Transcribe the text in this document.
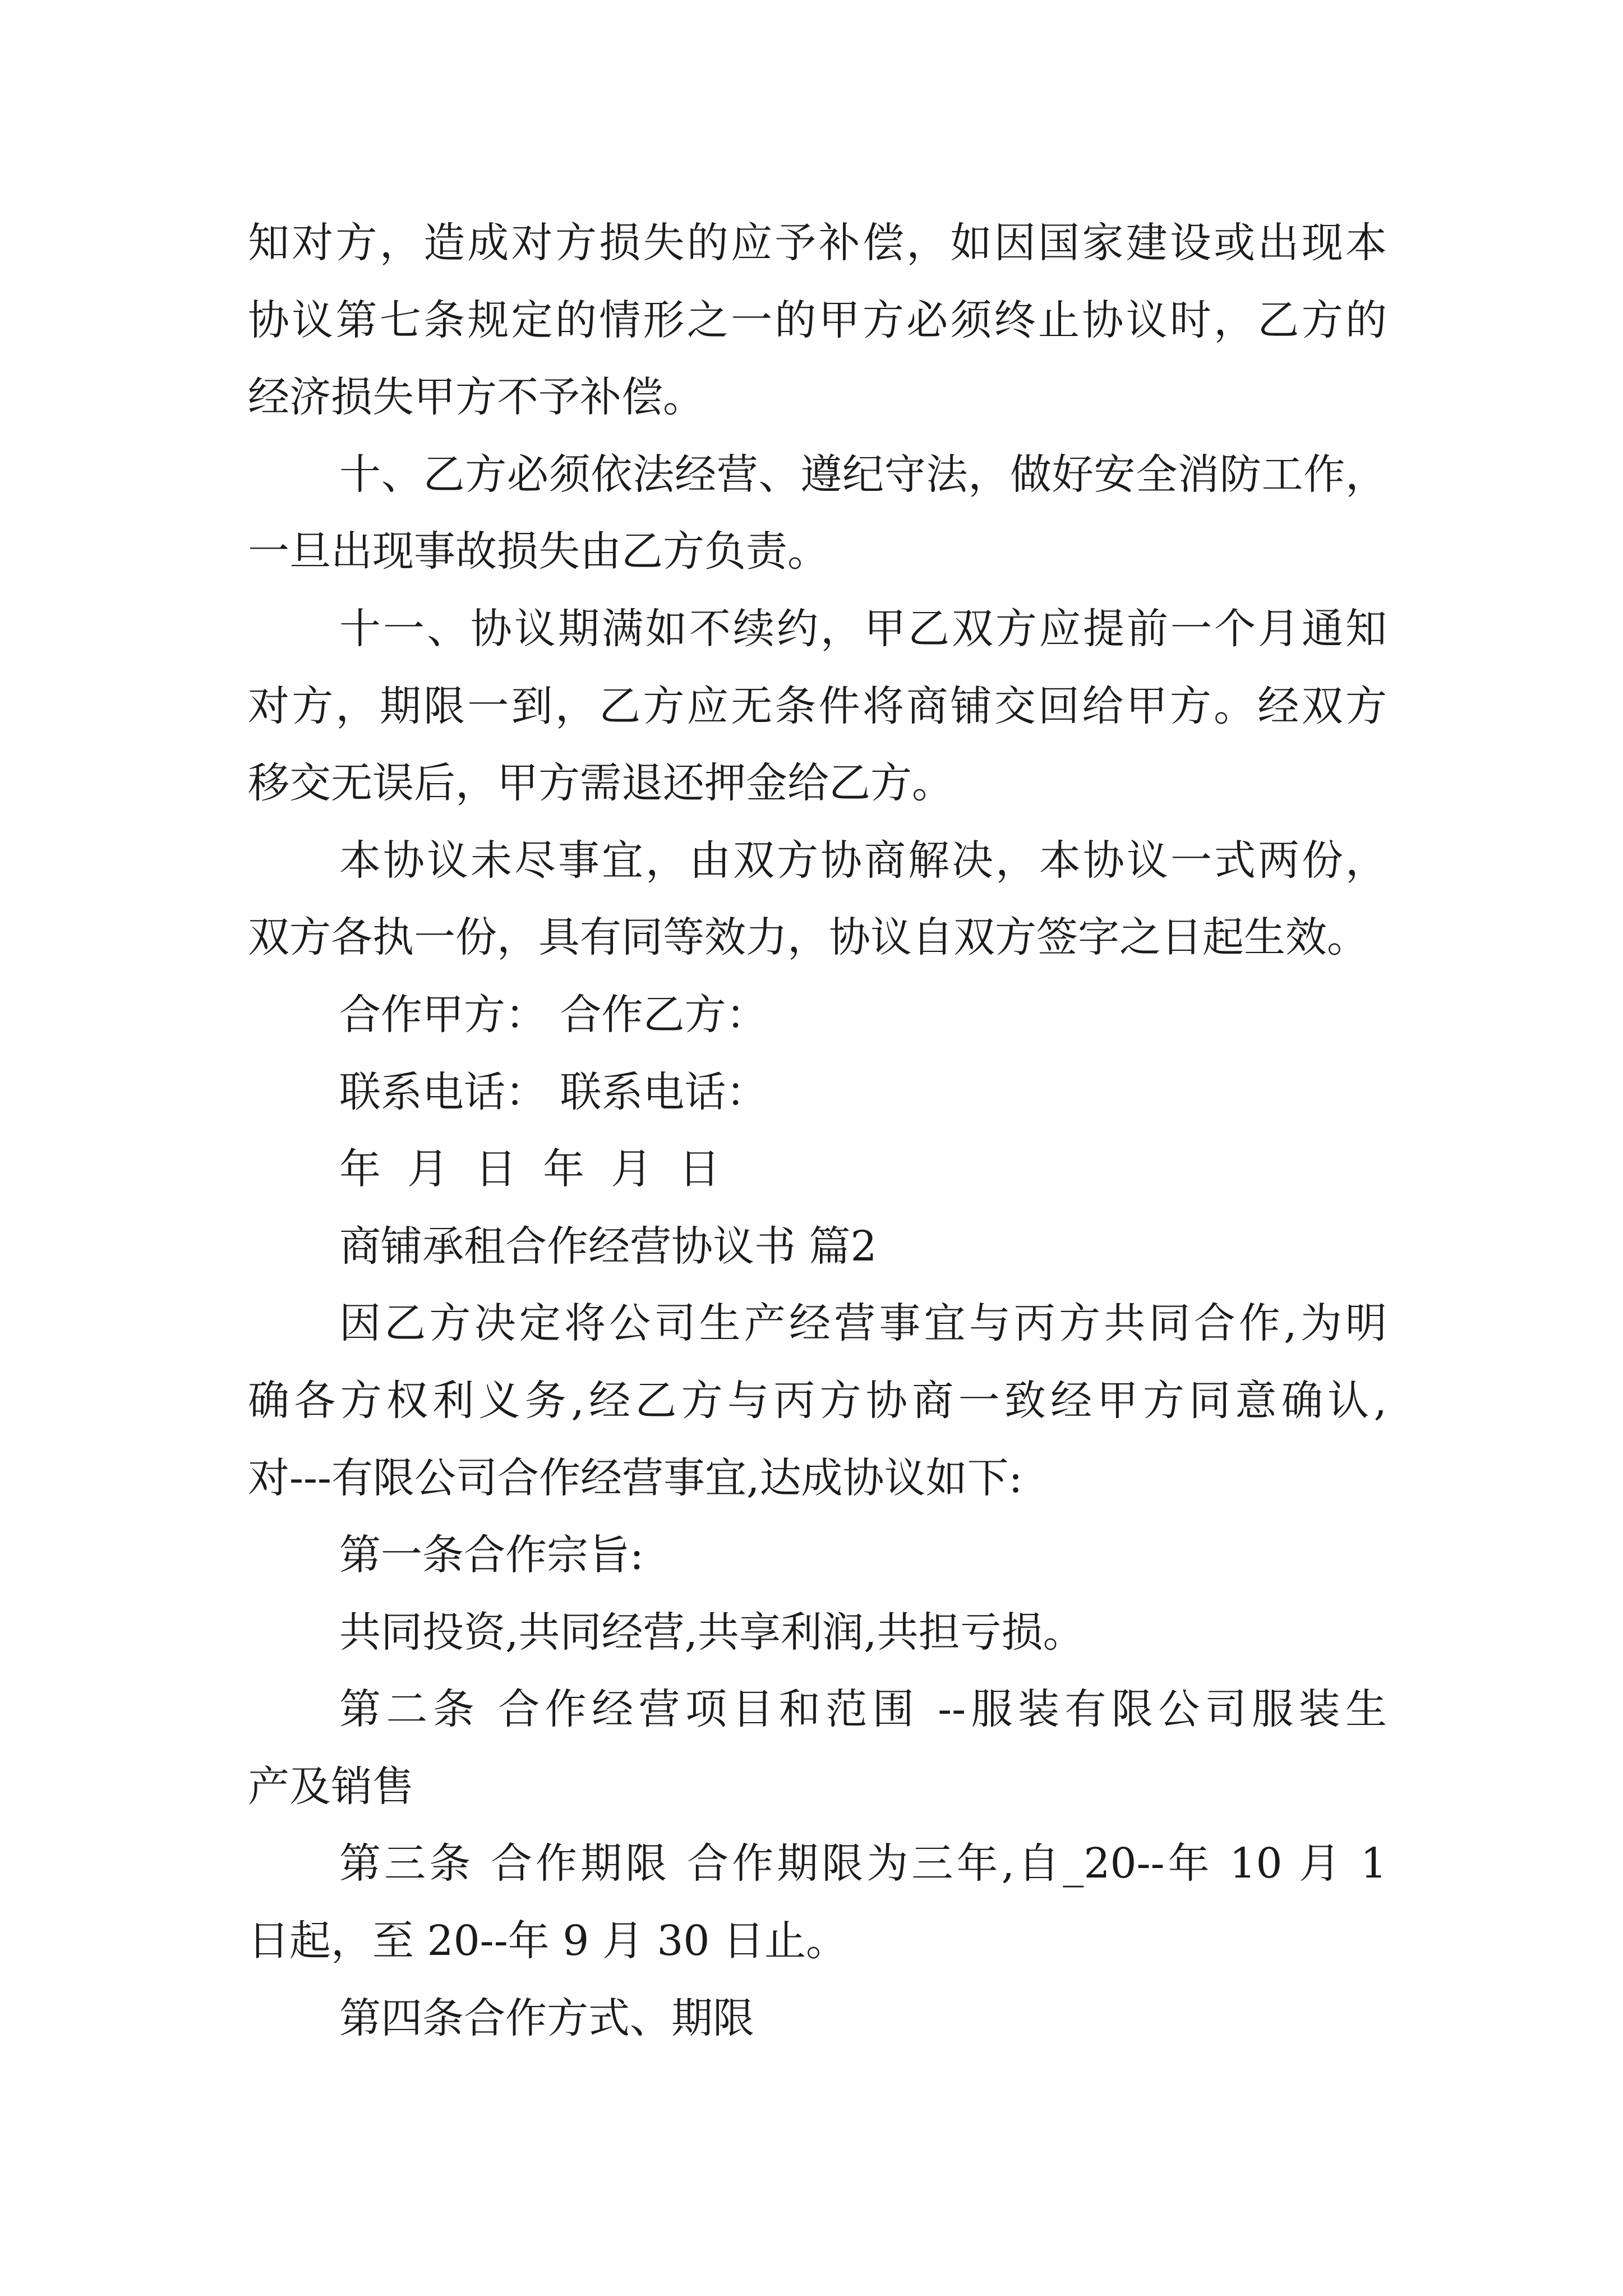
知对方，造成对方损失的应予补偿，如因国家建设或出现本
协议第七条规定的情形之一的甲方必须终止协议时，乙方的
经济损失甲方不予补偿。
十、乙方必须依法经营、遵纪守法，做好安全消防工作，
一旦出现事故损失由乙方负责。
十一、协议期满如不续约，甲乙双方应提前一个月通知
对方，期限一到，乙方应无条件将商铺交回给甲方。经双方
移交无误后，甲方需退还押金给乙方。
本协议未尽事宜，由双方协商解决，本协议一式两份，
双方各执一份，具有同等效力，协议自双方签字之日起生效。
合作甲方： 合作乙方：
联系电话： 联系电话：
年  月  日  年  月  日
商铺承租合作经营协议书 篇2
因乙方决定将公司生产经营事宜与丙方共同合作,为明
确各方权利义务,经乙方与丙方协商一致经甲方同意确认,
对---有限公司合作经营事宜,达成协议如下:
第一条合作宗旨:
共同投资,共同经营,共享利润,共担亏损。
第二条 合作经营项目和范围 --服装有限公司服装生
产及销售
第三条 合作期限 合作期限为三年,自_20--年 10 月 1
日起，至 20--年 9 月 30 日止。
第四条合作方式、期限
